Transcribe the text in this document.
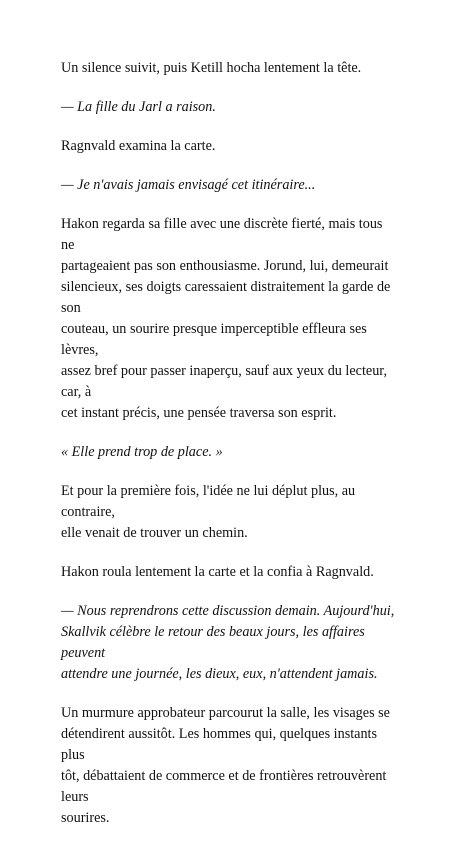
Un silence suivit, puis Ketill hocha lentement la tête.

— La fille du Jarl a raison.

Ragnvald examina la carte.

— Je n'avais jamais envisagé cet itinéraire...

Hakon regarda sa fille avec une discrète fierté, mais tous ne
partageaient pas son enthousiasme. Jorund, lui, demeurait
silencieux, ses doigts caressaient distraitement la garde de son
couteau, un sourire presque imperceptible effleura ses lèvres,
assez bref pour passer inaperçu, sauf aux yeux du lecteur, car, à
cet instant précis, une pensée traversa son esprit.

« Elle prend trop de place. »

Et pour la première fois, l'idée ne lui déplut plus, au contraire,
elle venait de trouver un chemin.

Hakon roula lentement la carte et la confia à Ragnvald.

— Nous reprendrons cette discussion demain. Aujourd'hui,
Skallvik célèbre le retour des beaux jours, les affaires peuvent
attendre une journée, les dieux, eux, n'attendent jamais.

Un murmure approbateur parcourut la salle, les visages se
détendirent aussitôt. Les hommes qui, quelques instants plus
tôt, débattaient de commerce et de frontières retrouvèrent leurs
sourires.
